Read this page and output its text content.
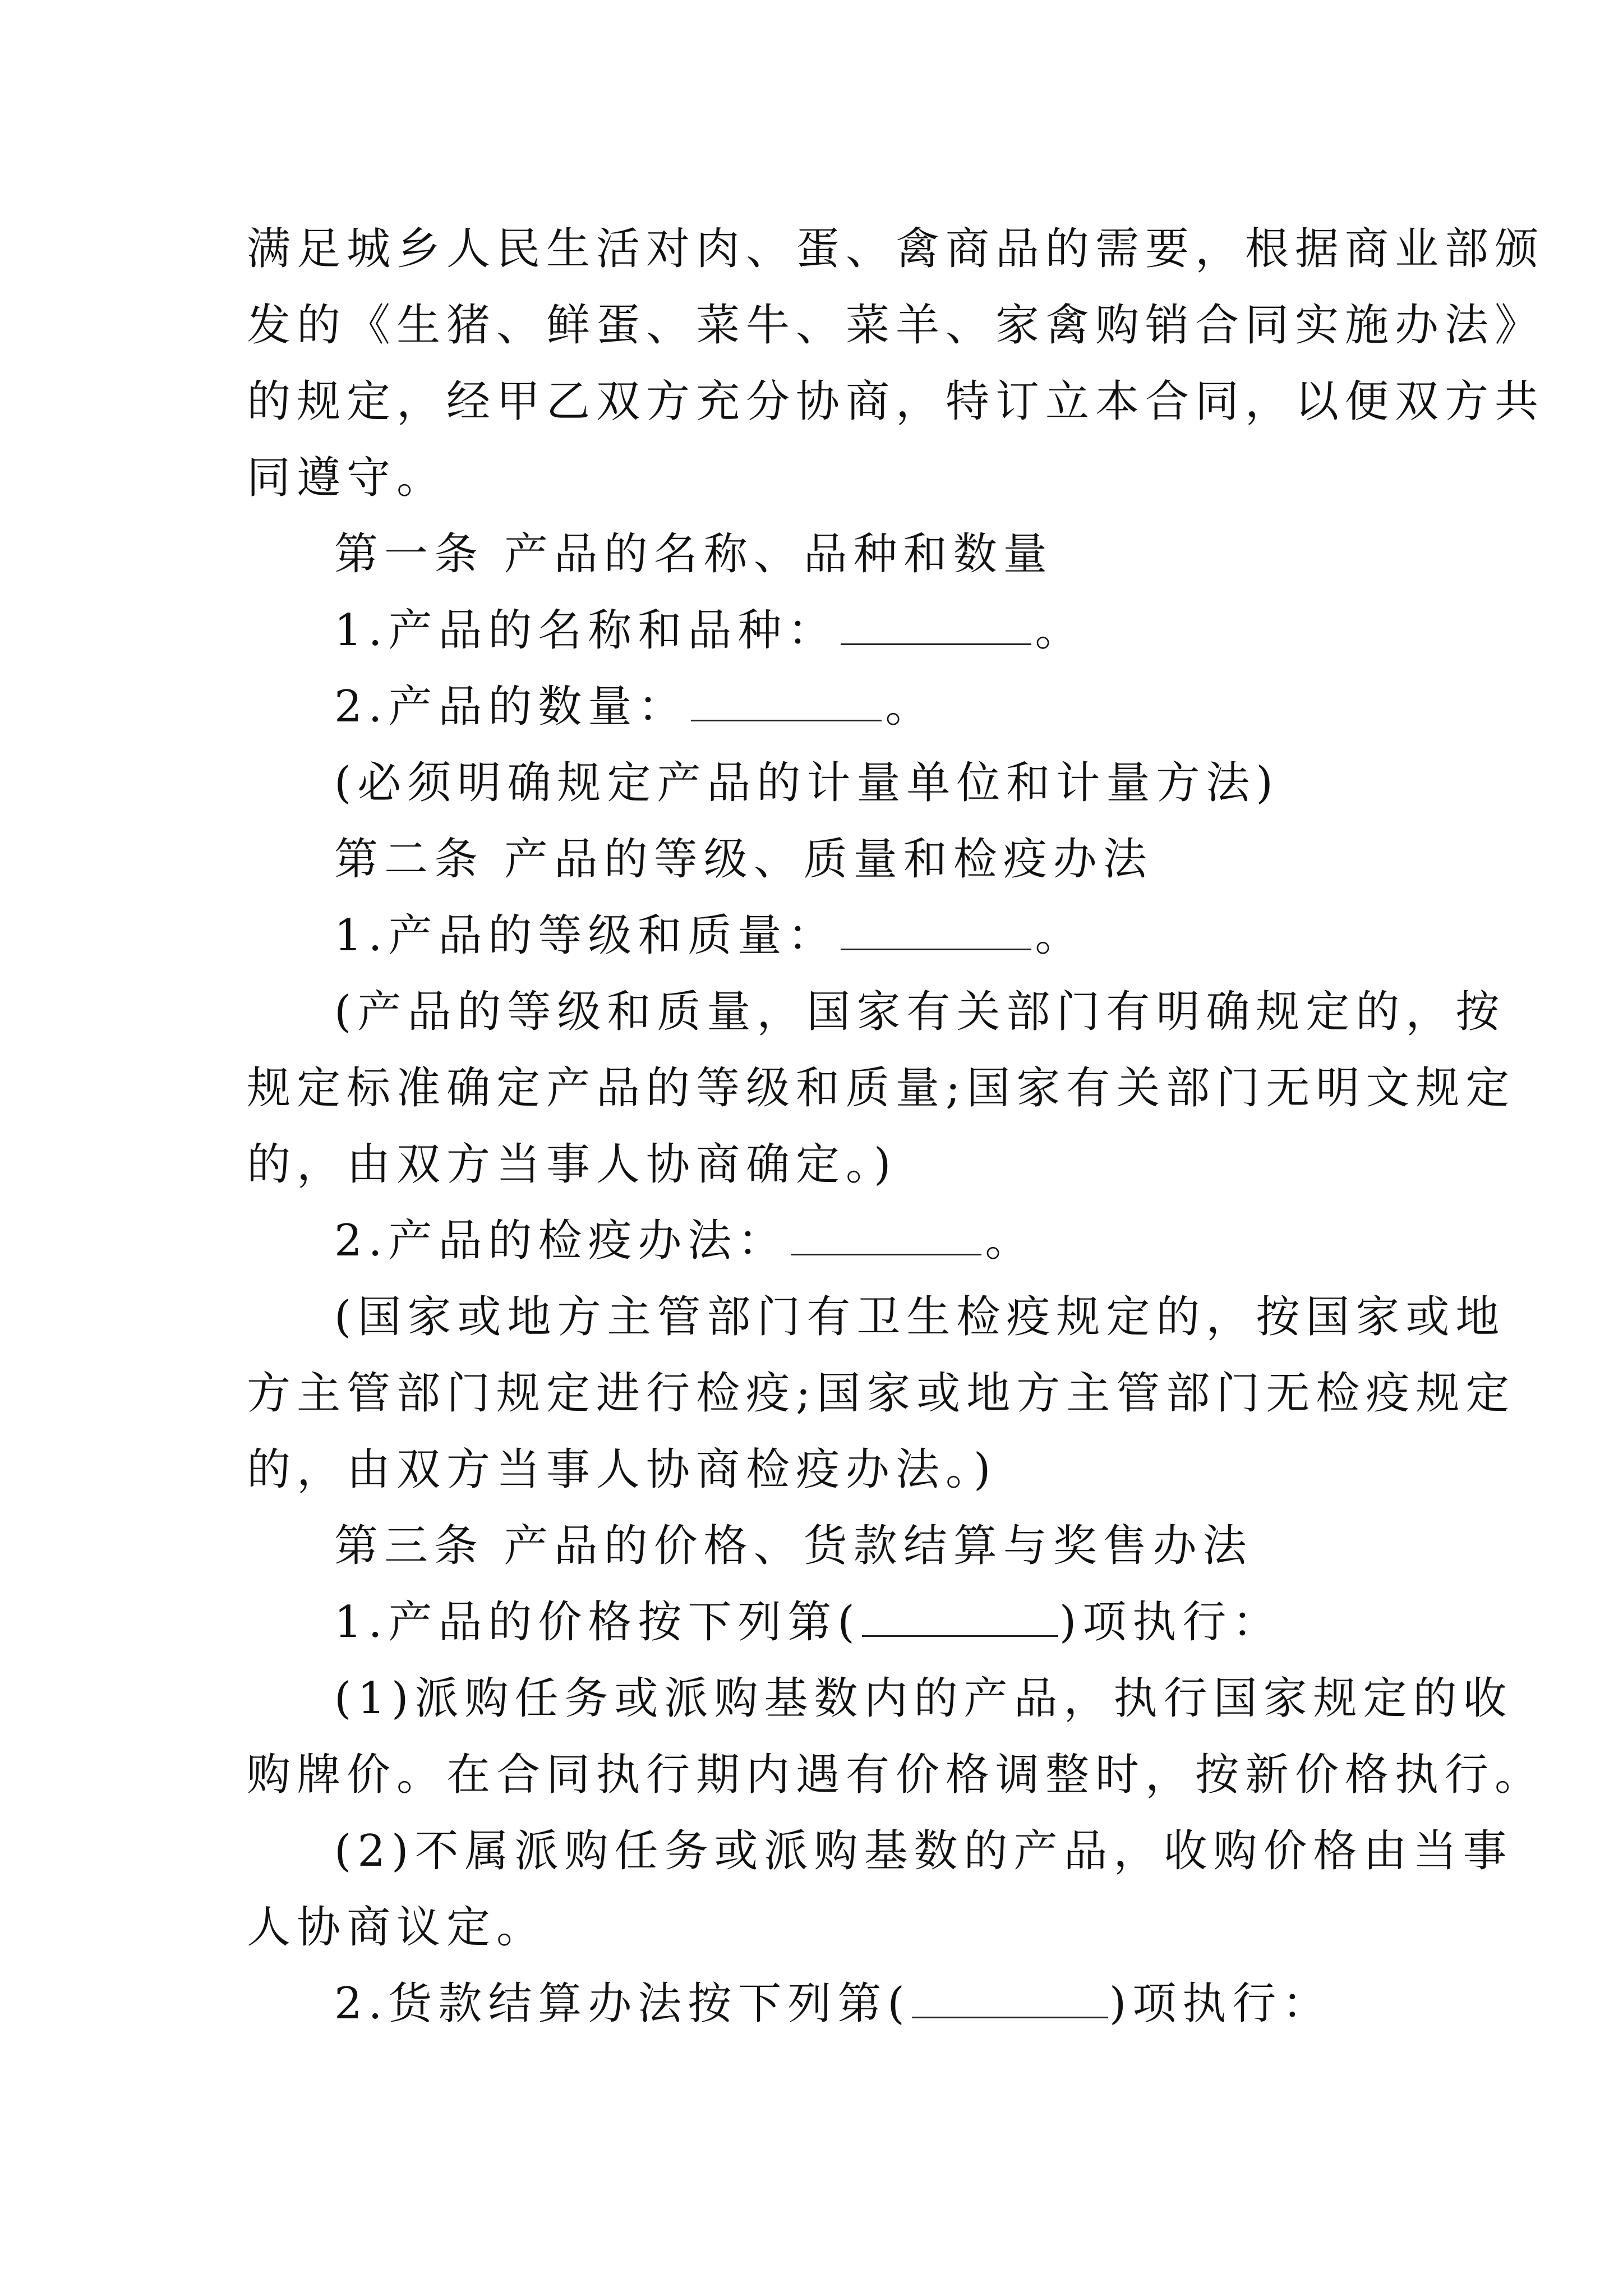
满足城乡人民生活对肉、蛋、禽商品的需要，根据商业部颁
发的《生猪、鲜蛋、菜牛、菜羊、家禽购销合同实施办法》
的规定，经甲乙双方充分协商，特订立本合同，以便双方共
同遵守。
第一条 产品的名称、品种和数量
1.产品的名称和品种：	。
2.产品的数量：	。
(必须明确规定产品的计量单位和计量方法)
第二条 产品的等级、质量和检疫办法
1.产品的等级和质量：	。
(产品的等级和质量，国家有关部门有明确规定的，按
规定标准确定产品的等级和质量;国家有关部门无明文规定
的，由双方当事人协商确定。)
2.产品的检疫办法：	。
(国家或地方主管部门有卫生检疫规定的，按国家或地
方主管部门规定进行检疫;国家或地方主管部门无检疫规定
的，由双方当事人协商检疫办法。)
第三条 产品的价格、货款结算与奖售办法
1.产品的价格按下列第(	)项执行：
(1)派购任务或派购基数内的产品，执行国家规定的收
购牌价。在合同执行期内遇有价格调整时，按新价格执行。
(2)不属派购任务或派购基数的产品，收购价格由当事
人协商议定。
2.货款结算办法按下列第(	)项执行：
